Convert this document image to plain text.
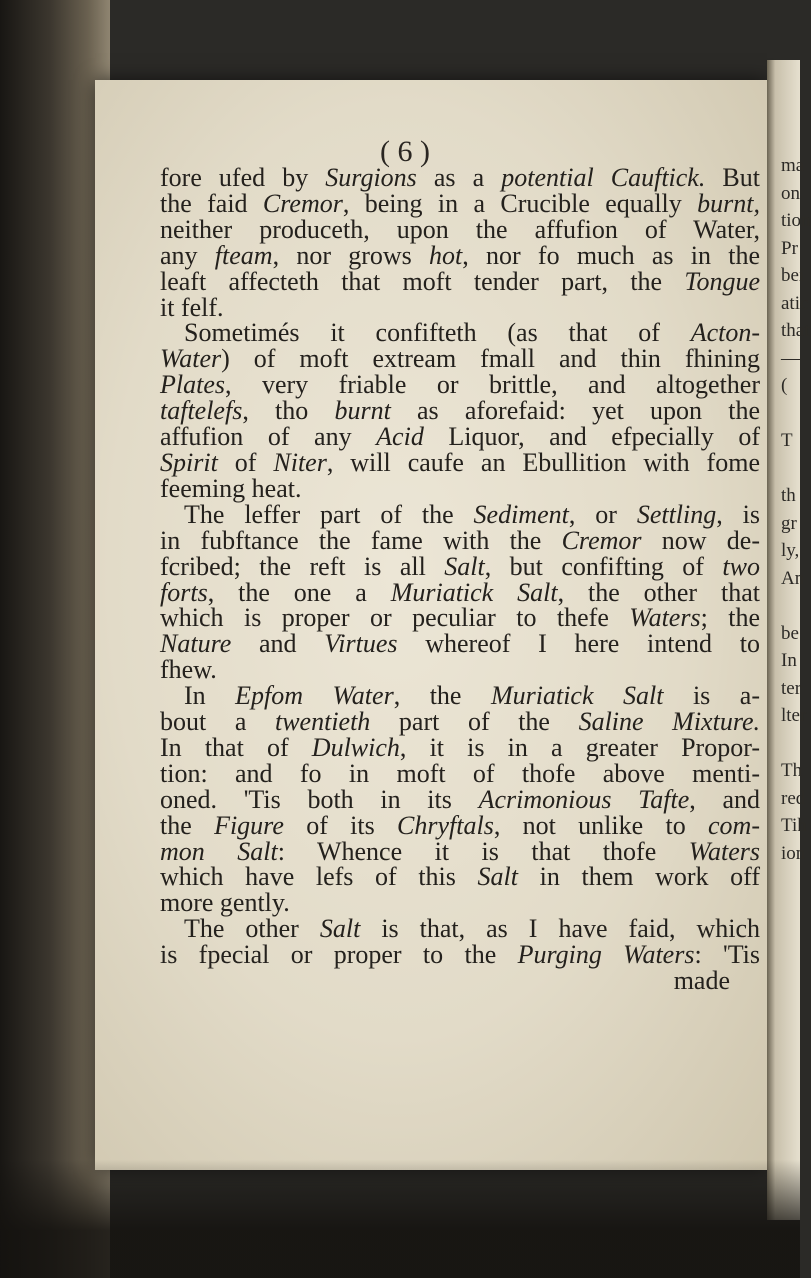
ma
on
tion
Pr
bei
atic
that
—
(
T
th
gr
ly,
An
be
In
ter
lter
Th
red
Tih
ion
( 6 )
fore ufed by Surgions as a potential Cauftick. But
the faid Cremor, being in a Crucible equally burnt,
neither produceth, upon the affufion of Water,
any fteam, nor grows hot, nor fo much as in the
leaft affecteth that moft tender part, the Tongue
it felf.
Sometimés it confifteth (as that of Acton-
Water) of moft extream fmall and thin fhining
Plates, very friable or brittle, and altogether
taftelefs, tho burnt as aforefaid: yet upon the
affufion of any Acid Liquor, and efpecially of
Spirit of Niter, will caufe an Ebullition with fome
feeming heat.
The leffer part of the Sediment, or Settling, is
in fubftance the fame with the Cremor now de-
fcribed; the reft is all Salt, but confifting of two
forts, the one a Muriatick Salt, the other that
which is proper or peculiar to thefe Waters; the
Nature and Virtues whereof I here intend to
fhew.
In Epfom Water, the Muriatick Salt is a-
bout a twentieth part of the Saline Mixture.
In that of Dulwich, it is in a greater Propor-
tion: and fo in moft of thofe above menti-
oned. 'Tis both in its Acrimonious Tafte, and
the Figure of its Chryftals, not unlike to com-
mon Salt: Whence it is that thofe Waters
which have lefs of this Salt in them work off
more gently.
The other Salt is that, as I have faid, which
is fpecial or proper to the Purging Waters: 'Tis
made
